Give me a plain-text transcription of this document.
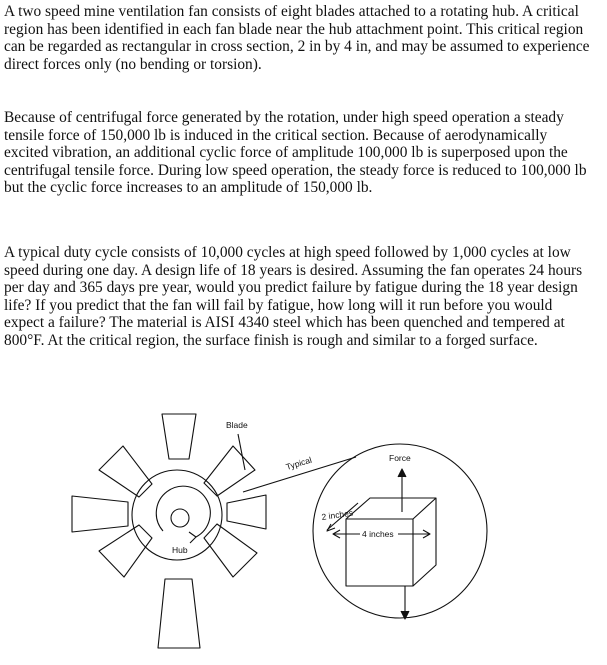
A two speed mine ventilation fan consists of eight blades attached to a rotating hub. A critical region has been identified in each fan blade near the hub attachment point. This critical region can be regarded as rectangular in cross section, 2 in by 4 in, and may be assumed to experience direct forces only (no bending or torsion).

Because of centrifugal force generated by the rotation, under high speed operation a steady tensile force of 150,000 lb is induced in the critical section. Because of aerodynamically excited vibration, an additional cyclic force of amplitude 100,000 lb is superposed upon the centrifugal tensile force. During low speed operation, the steady force is reduced to 100,000 lb but the cyclic force increases to an amplitude of 150,000 lb.

A typical duty cycle consists of 10,000 cycles at high speed followed by 1,000 cycles at low speed during one day. A design life of 18 years is desired. Assuming the fan operates 24 hours per day and 365 days pre year, would you predict failure by fatigue during the 18 year design life? If you predict that the fan will fail by fatigue, how long will it run before you would expect a failure? The material is AISI 4340 steel which has been quenched and tempered at 800°F. At the critical region, the surface finish is rough and similar to a forged surface.

Blade
Typical	Force
2 inches
4 inches
Hub
